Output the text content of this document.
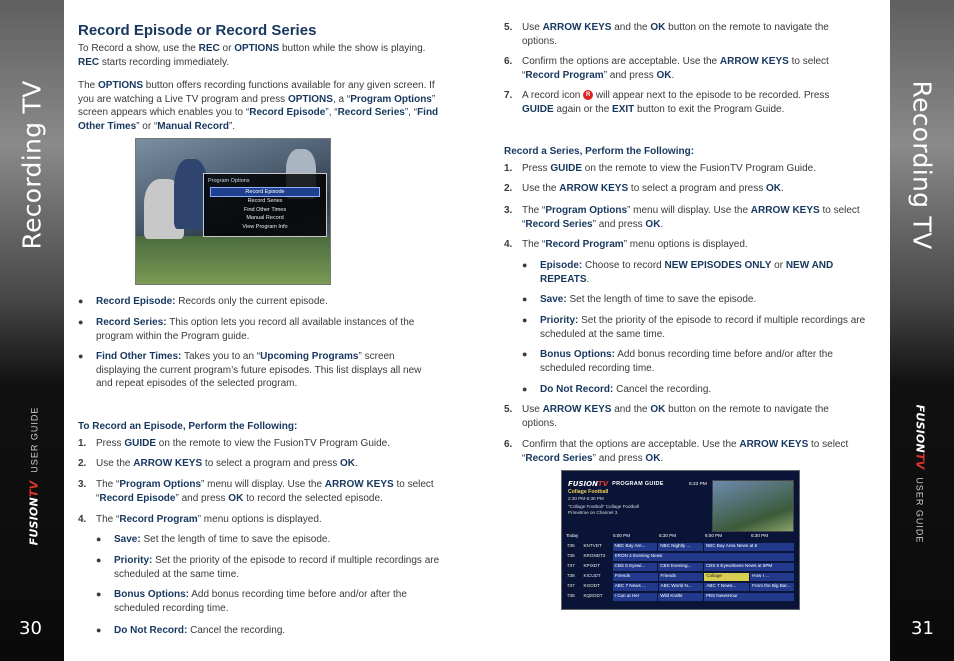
Recording TV
FUSIONTV
USER GUIDE
30
Recording TV
FUSIONTV
USER GUIDE
31
Record Episode or Record Series
To Record a show, use the REC or OPTIONS button while the show is playing.
REC starts recording immediately.
The OPTIONS button offers recording functions available for any given screen. If you are watching a Live TV program and press OPTIONS, a “Program Options” screen appears which enables you to “Record Episode”, “Record Series”, “Find Other Times” or “Manual Record”.
●	Record Episode: Records only the current episode.
●	Record Series: This option lets you record all available instances of the program within the Program guide.
●	Find Other Times: Takes you to an “Upcoming Programs” screen displaying the current program’s future episodes. This list displays all new and repeat episodes of the selected program.
To Record an Episode, Perform the Following:
1. Press GUIDE on the remote to view the FusionTV Program Guide.
2. Use the ARROW KEYS to select a program and press OK.
3. The “Program Options” menu will display. Use the ARROW KEYS to select “Record Episode” and press OK to record the selected episode.
4. The “Record Program” menu options is displayed.
●	Save: Set the length of time to save the episode.
●	Priority: Set the priority of the episode to record if multiple recordings are scheduled at the same time.
●	Bonus Options: Add bonus recording time before and/or after the scheduled recording time.
●	Do Not Record: Cancel the recording.
Program Options
Record Episode
Record Series
Find Other Times
Manual Record
View Program Info
5. Use ARROW KEYS and the OK button on the remote to navigate the options.
6. Confirm the options are acceptable. Use the ARROW KEYS to select “Record Program” and press OK.
7. A record icon R will appear next to the episode to be recorded. Press GUIDE again or the EXIT button to exit the Program Guide.
Record a Series, Perform the Following:
1. Press GUIDE on the remote to view the FusionTV Program Guide.
2. Use the ARROW KEYS to select a program and press OK.
3. The “Program Options” menu will display. Use the ARROW KEYS to select “Record Series” and press OK.
4. The “Record Program” menu options is displayed.
●	Episode: Choose to record NEW EPISODES ONLY or NEW AND REPEATS.
●	Save: Set the length of time to save the episode.
●	Priority: Set the priority of the episode to record if multiple recordings are scheduled at the same time.
●	Bonus Options: Add bonus recording time before and/or after the scheduled recording time.
●	Do Not Record: Cancel the recording.
5. Use ARROW KEYS and the OK button on the remote to navigate the options.
6. Confirm that the options are acceptable. Use the ARROW KEYS to select “Record Series” and press OK.
FUSIONTV PROGRAM GUIDE	5:23 PM
Collage Football
2:30 PM-5:30 PM
"Collage Football" Collage Football Primetime on Channel 3.
Today	5:00 PM	5:30 PM	6:00 PM	6:30 PM
735	KNTVDT	NBC Bay Are...	NBC Nightly ...	NBC Bay Area News at 6
736	KRONDT2	KRON 4 Evening News
737	KPIXDT	CBS 5 Eyewi...	CBS Evening...	CBS 5 Eyewitness News at 6PM
738	KICUDT	Friends	Friends	Collage	How I ...
737	KGODT	ABC 7 News ...	ABC World N...	ABC 7 News...	From the Big Bar...
738	KQEDDT	I Can at Her	Wild Krafts	PBS NewsHour
